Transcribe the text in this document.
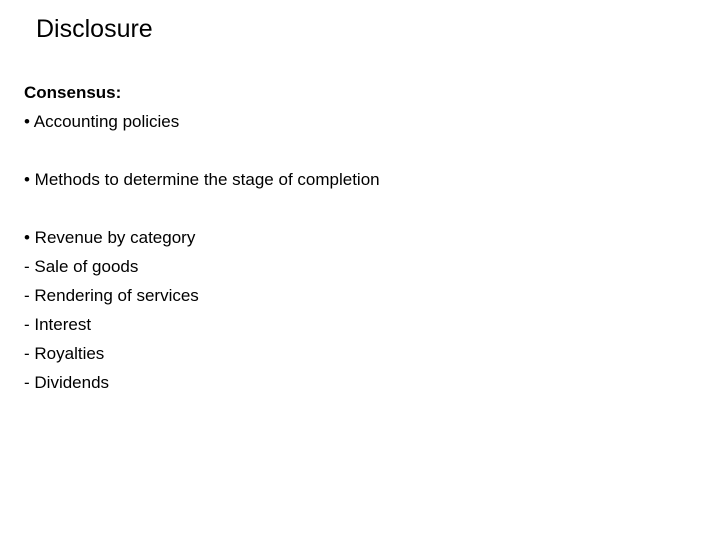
Disclosure
Consensus:
• Accounting policies
• Methods to determine the stage of completion
• Revenue by category
- Sale of goods
- Rendering of services
- Interest
- Royalties
- Dividends
